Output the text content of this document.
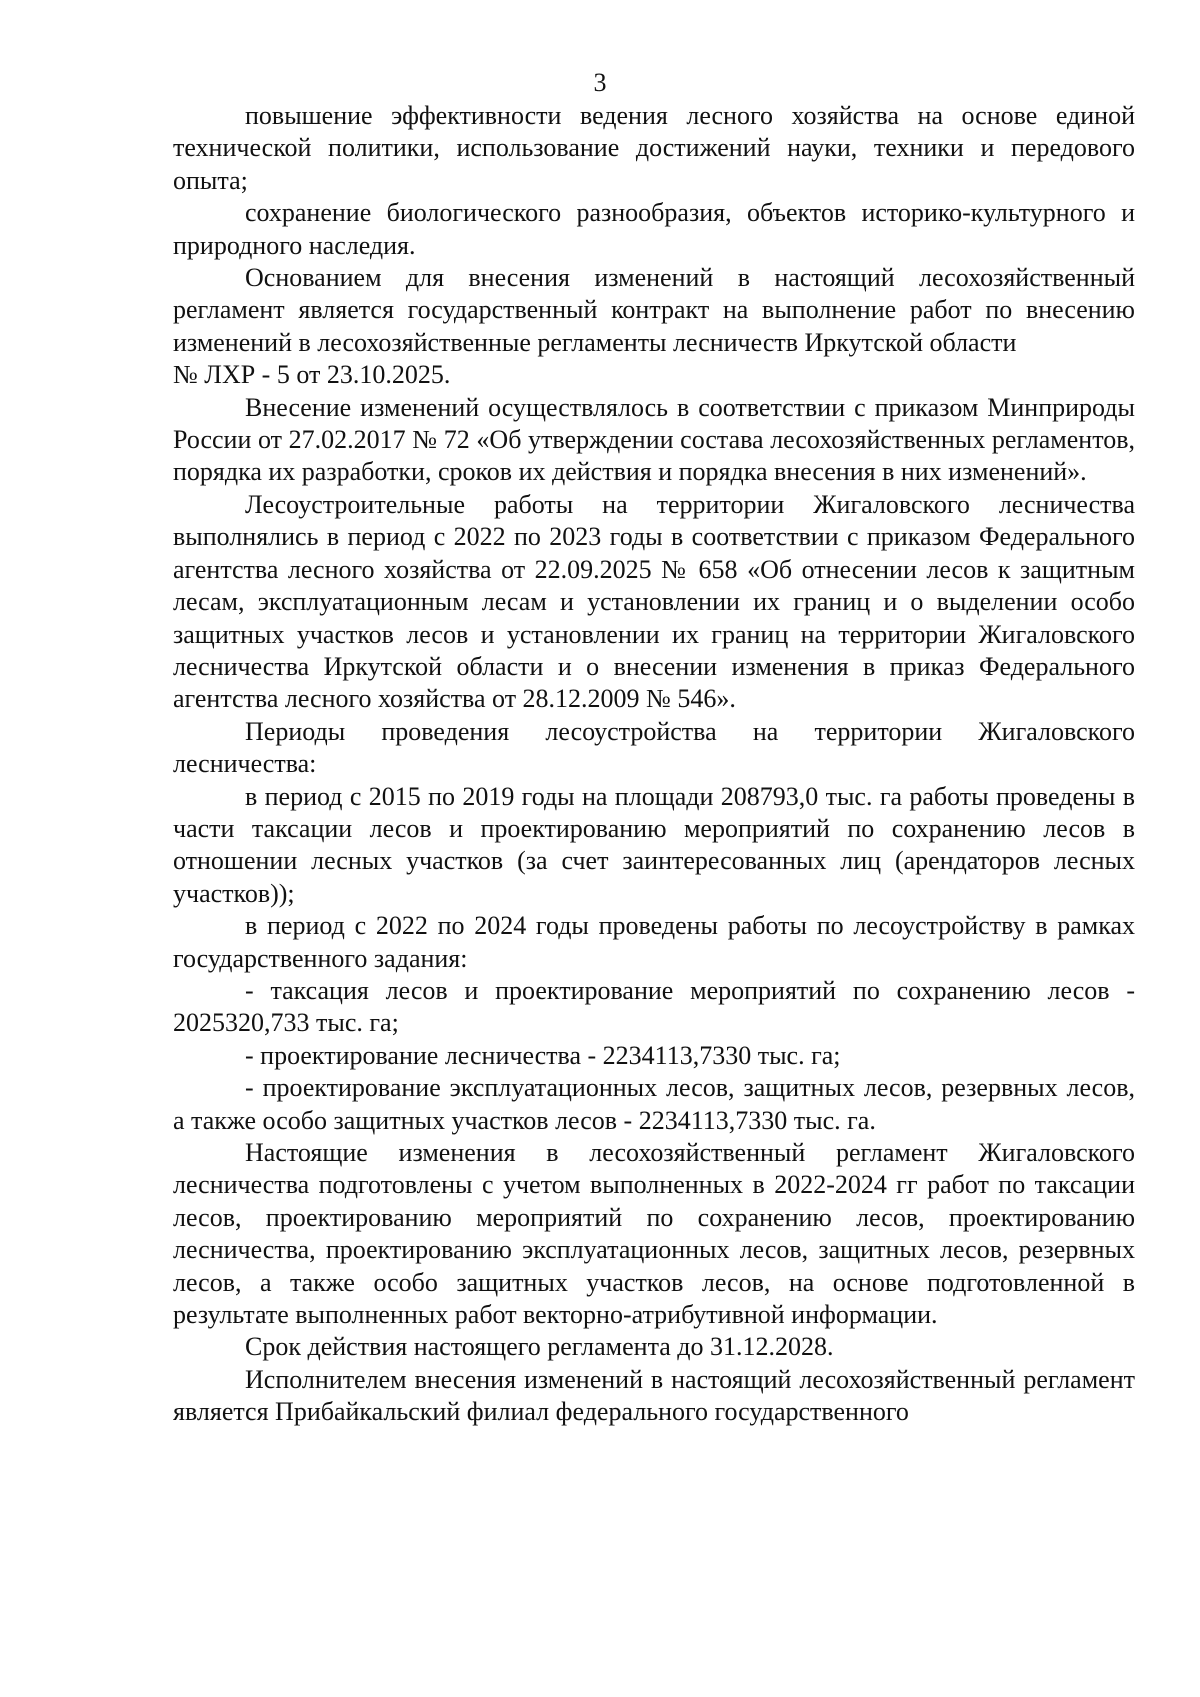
3

повышение эффективности ведения лесного хозяйства на основе единой технической политики, использование достижений науки, техники и передового опыта;

сохранение биологического разнообразия, объектов историко-культурного и природного наследия.

Основанием для внесения изменений в настоящий лесохозяйственный регламент является государственный контракт на выполнение работ по внесению изменений в лесохозяйственные регламенты лесничеств Иркутской области

№ ЛХР - 5 от 23.10.2025.

Внесение изменений осуществлялось в соответствии с приказом Минприроды России от 27.02.2017 № 72 «Об утверждении состава лесохозяйственных регламентов, порядка их разработки, сроков их действия и порядка внесения в них изменений».

Лесоустроительные работы на территории Жигаловского лесничества выполнялись в период с 2022 по 2023 годы в соответствии с приказом Федерального агентства лесного хозяйства от 22.09.2025 № 658 «Об отнесении лесов к защитным лесам, эксплуатационным лесам и установлении их границ и о выделении особо защитных участков лесов и установлении их границ на территории Жигаловского лесничества Иркутской области и о внесении изменения в приказ Федерального агентства лесного хозяйства от 28.12.2009 № 546».

Периоды проведения лесоустройства на территории Жигаловского лесничества:

в период с 2015 по 2019 годы на площади 208793,0 тыс. га работы проведены в части таксации лесов и проектированию мероприятий по сохранению лесов в отношении лесных участков (за счет заинтересованных лиц (арендаторов лесных участков));

в период с 2022 по 2024 годы проведены работы по лесоустройству в рамках государственного задания:

- таксация лесов и проектирование мероприятий по сохранению лесов - 2025320,733 тыс. га;

- проектирование лесничества - 2234113,7330 тыс. га;

- проектирование эксплуатационных лесов, защитных лесов, резервных лесов, а также особо защитных участков лесов - 2234113,7330 тыс. га.

Настоящие изменения в лесохозяйственный регламент Жигаловского лесничества подготовлены с учетом выполненных в 2022-2024 гг работ по таксации лесов, проектированию мероприятий по сохранению лесов, проектированию лесничества, проектированию эксплуатационных лесов, защитных лесов, резервных лесов, а также особо защитных участков лесов, на основе подготовленной в результате выполненных работ векторно-атрибутивной информации.

Срок действия настоящего регламента до 31.12.2028.

Исполнителем внесения изменений в настоящий лесохозяйственный регламент является Прибайкальский филиал федерального государственного
